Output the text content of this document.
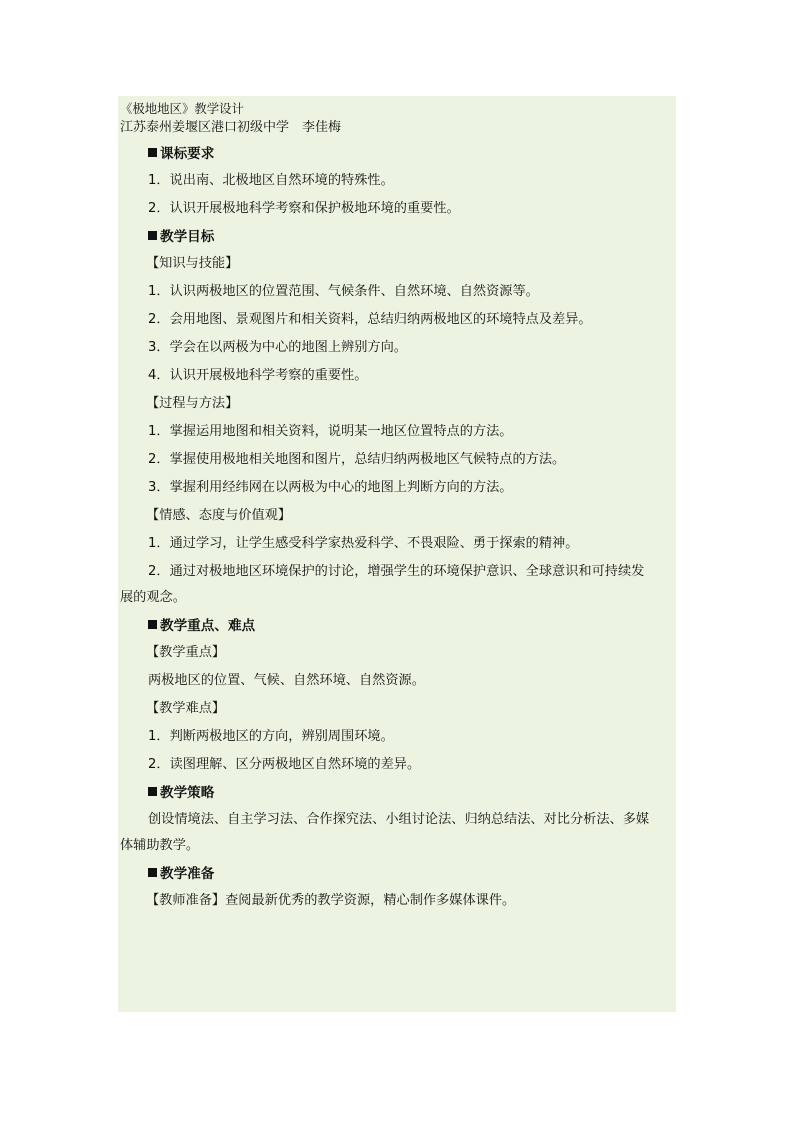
《极地地区》教学设计

江苏泰州姜堰区港口初级中学　李佳梅

课标要求

1．说出南、北极地区自然环境的特殊性。

2．认识开展极地科学考察和保护极地环境的重要性。

教学目标

【知识与技能】

1．认识两极地区的位置范围、气候条件、自然环境、自然资源等。

2．会用地图、景观图片和相关资料，总结归纳两极地区的环境特点及差异。

3．学会在以两极为中心的地图上辨别方向。

4．认识开展极地科学考察的重要性。

【过程与方法】

1．掌握运用地图和相关资料，说明某一地区位置特点的方法。

2．掌握使用极地相关地图和图片，总结归纳两极地区气候特点的方法。

3．掌握利用经纬网在以两极为中心的地图上判断方向的方法。

【情感、态度与价值观】

1．通过学习，让学生感受科学家热爱科学、不畏艰险、勇于探索的精神。

2．通过对极地地区环境保护的讨论，增强学生的环境保护意识、全球意识和可持续发

展的观念。

教学重点、难点

【教学重点】

两极地区的位置、气候、自然环境、自然资源。

【教学难点】

1．判断两极地区的方向，辨别周围环境。

2．读图理解、区分两极地区自然环境的差异。

教学策略

创设情境法、自主学习法、合作探究法、小组讨论法、归纳总结法、对比分析法、多媒

体辅助教学。

教学准备

【教师准备】查阅最新优秀的教学资源，精心制作多媒体课件。
